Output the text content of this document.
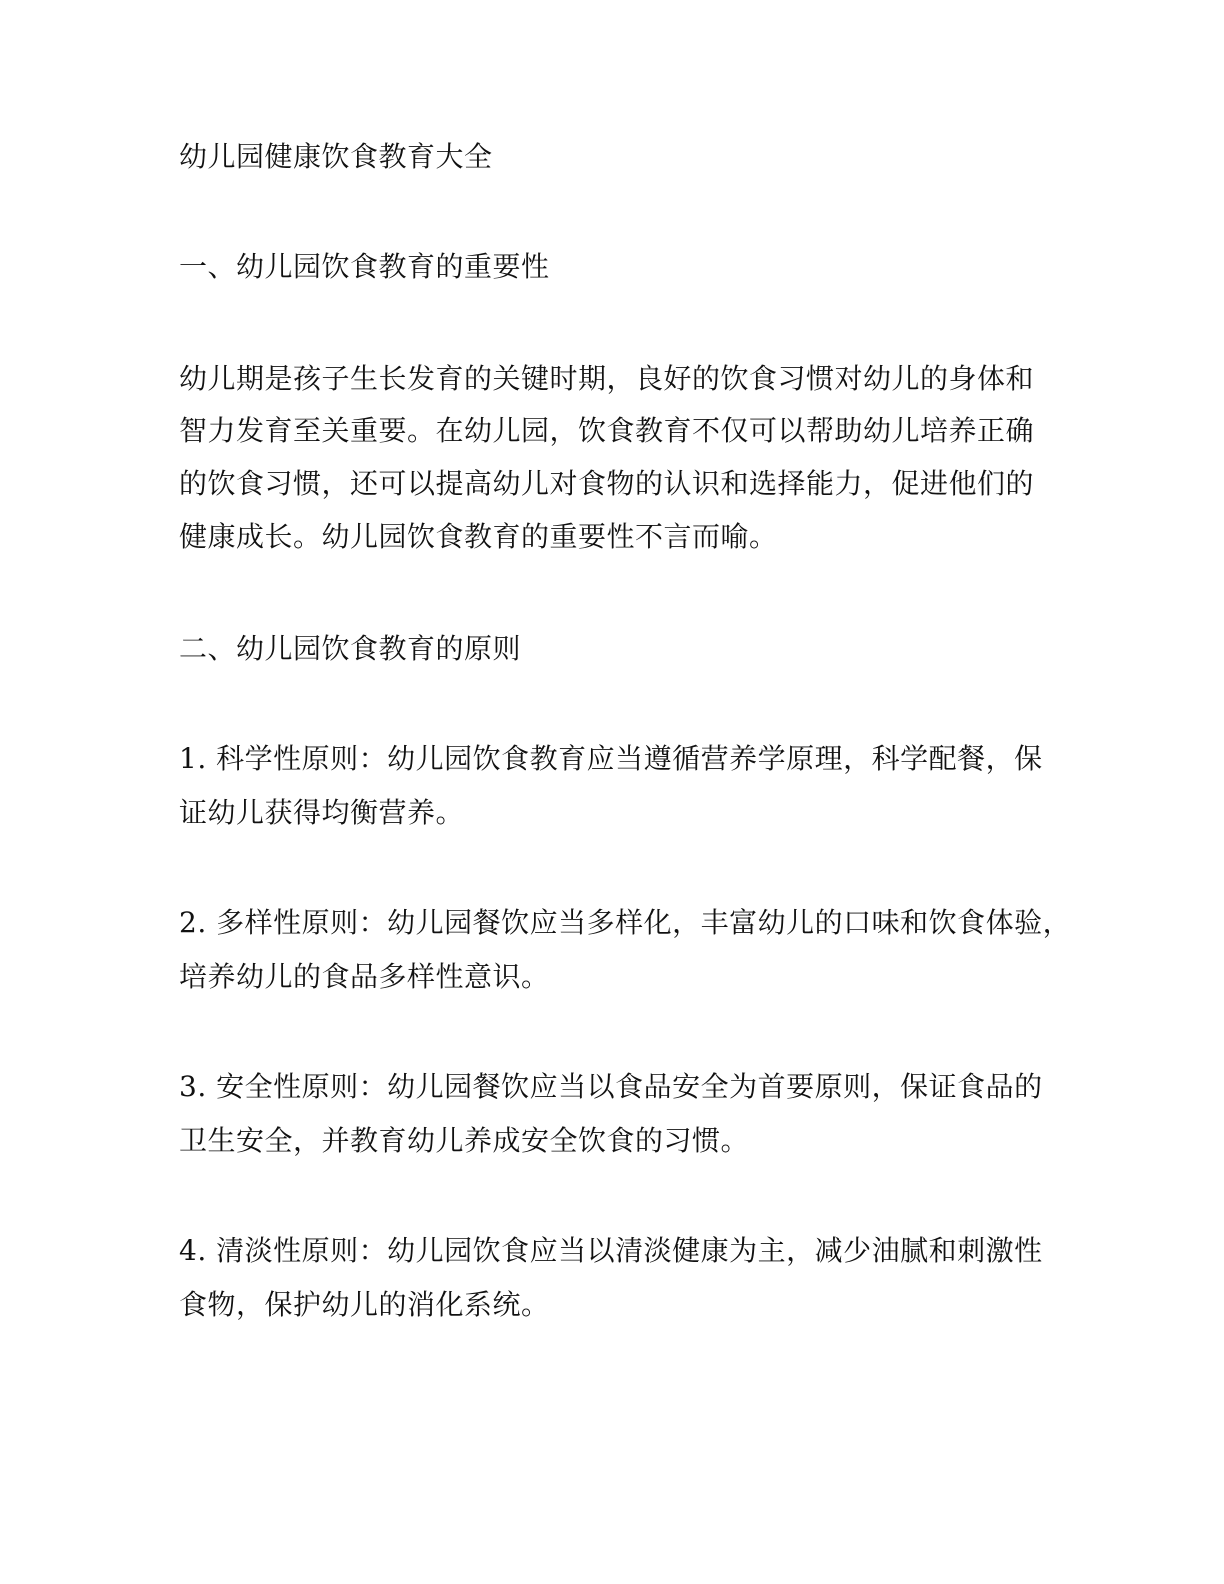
幼儿园健康饮食教育大全
一、幼儿园饮食教育的重要性
幼儿期是孩子生长发育的关键时期，良好的饮食习惯对幼儿的身体和
智力发育至关重要。在幼儿园，饮食教育不仅可以帮助幼儿培养正确
的饮食习惯，还可以提高幼儿对食物的认识和选择能力，促进他们的
健康成长。幼儿园饮食教育的重要性不言而喻。
二、幼儿园饮食教育的原则
1. 科学性原则：幼儿园饮食教育应当遵循营养学原理，科学配餐，保
证幼儿获得均衡营养。
2. 多样性原则：幼儿园餐饮应当多样化，丰富幼儿的口味和饮食体验，
培养幼儿的食品多样性意识。
3. 安全性原则：幼儿园餐饮应当以食品安全为首要原则，保证食品的
卫生安全，并教育幼儿养成安全饮食的习惯。
4. 清淡性原则：幼儿园饮食应当以清淡健康为主，减少油腻和刺激性
食物，保护幼儿的消化系统。
